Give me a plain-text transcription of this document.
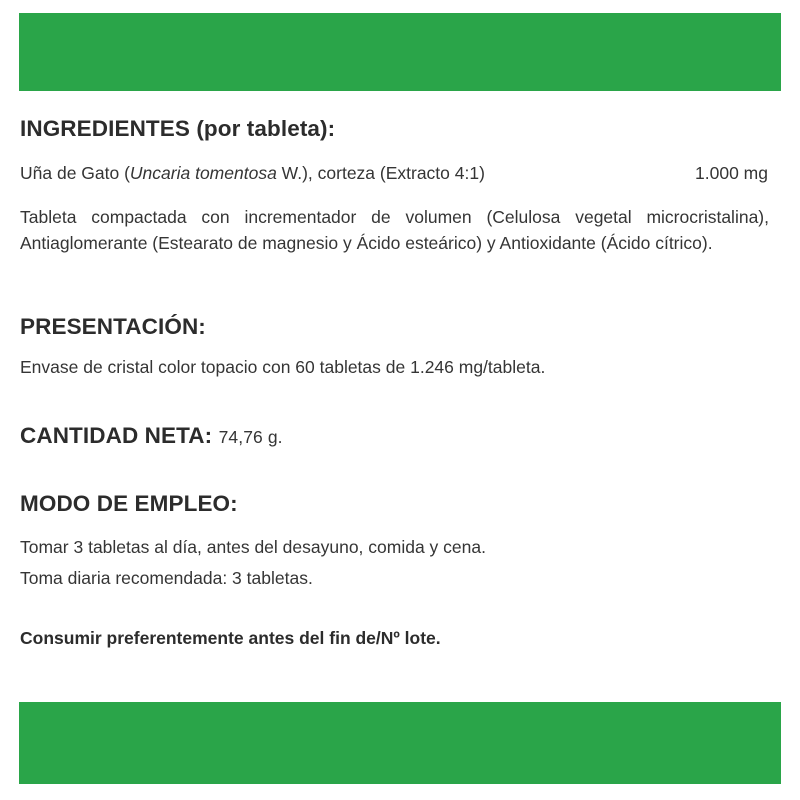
INGREDIENTES (por tableta):
Uña de Gato (Uncaria tomentosa W.), corteza (Extracto 4:1)	1.000 mg
Tableta compactada con incrementador de volumen (Celulosa vegetal microcristalina), Antiaglomerante (Estearato de magnesio y Ácido esteárico) y Antioxidante (Ácido cítrico).
PRESENTACIÓN:
Envase de cristal color topacio con 60 tabletas de 1.246 mg/tableta.
CANTIDAD NETA: 74,76 g.
MODO DE EMPLEO:
Tomar 3 tabletas al día, antes del desayuno, comida y cena.
Toma diaria recomendada: 3 tabletas.
Consumir preferentemente antes del fin de/Nº lote.
